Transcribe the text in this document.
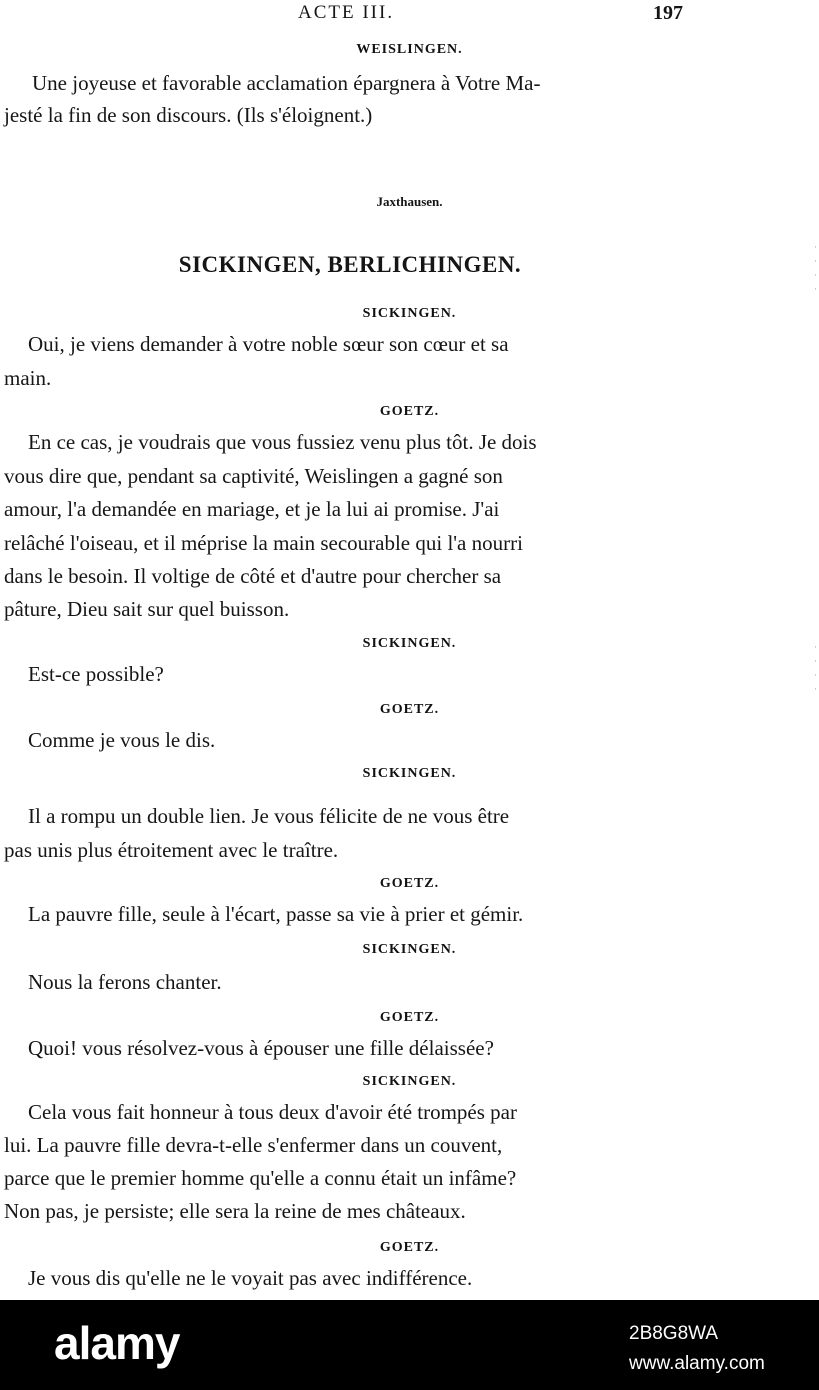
ACTE III.	197
WEISLINGEN.
Une joyeuse et favorable acclamation épargnera à Votre Ma-
jesté la fin de son discours. (Ils s'éloignent.)
Jaxthausen.
SICKINGEN, BERLICHINGEN.
SICKINGEN.
Oui, je viens demander à votre noble sœur son cœur et sa
main.
GOETZ.
En ce cas, je voudrais que vous fussiez venu plus tôt. Je dois
vous dire que, pendant sa captivité, Weislingen a gagné son
amour, l'a demandée en mariage, et je la lui ai promise. J'ai
relâché l'oiseau, et il méprise la main secourable qui l'a nourri
dans le besoin. Il voltige de côté et d'autre pour chercher sa
pâture, Dieu sait sur quel buisson.
SICKINGEN.
Est-ce possible?
GOETZ.
Comme je vous le dis.
SICKINGEN.
Il a rompu un double lien. Je vous félicite de ne vous être
pas unis plus étroitement avec le traître.
GOETZ.
La pauvre fille, seule à l'écart, passe sa vie à prier et gémir.
SICKINGEN.
Nous la ferons chanter.
GOETZ.
Quoi! vous résolvez-vous à épouser une fille délaissée?
SICKINGEN.
Cela vous fait honneur à tous deux d'avoir été trompés par
lui. La pauvre fille devra-t-elle s'enfermer dans un couvent,
parce que le premier homme qu'elle a connu était un infâme?
Non pas, je persiste; elle sera la reine de mes châteaux.
GOETZ.
Je vous dis qu'elle ne le voyait pas avec indifférence.
·
·
·
·
·
·
·
·
alamy	2B8G8WA
www.alamy.com
